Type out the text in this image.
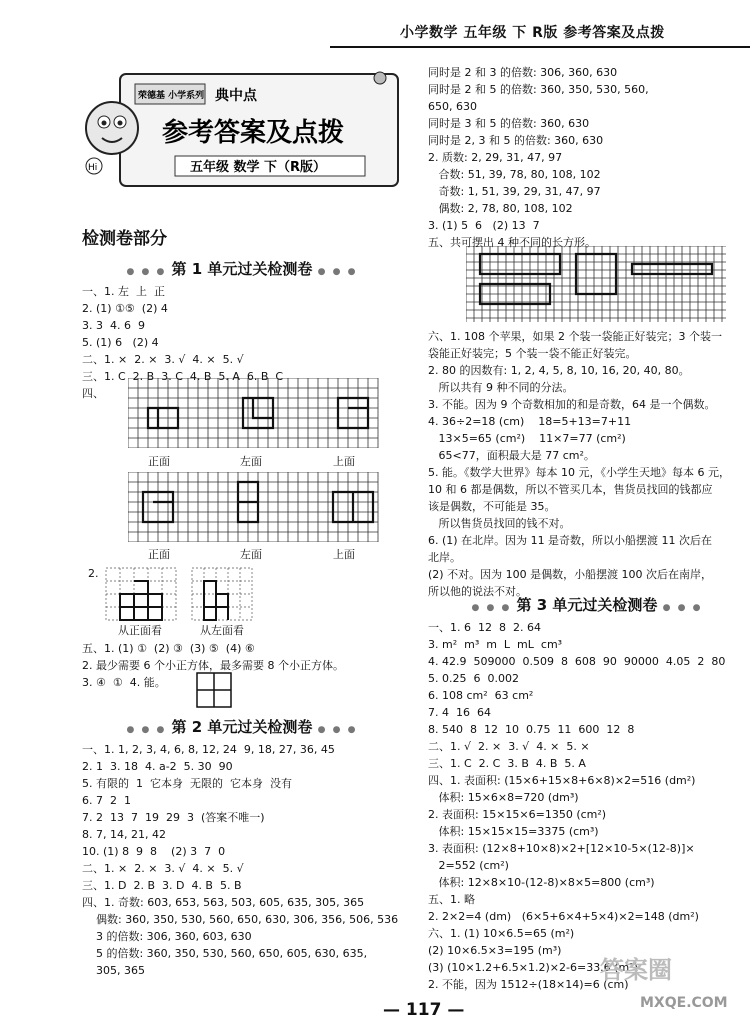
小学数学 五年级 下 R版 参考答案及点拨
荣德基 小学系列 典中点
参考答案及点拨
五年级 数学 下（R版）
Hi
检测卷部分
● ● ● 第 1 单元过关检测卷 ● ● ●
一、1. 左  上  正
2. (1) ①⑤  (2) 4
3. 3  4. 6  9
5. (1) 6   (2) 4
二、1. ×  2. ×  3. √  4. ×  5. √
三、1. C  2. B  3. C  4. B  5. A  6. B  C
四、
正面	左面	上面
正面	左面	上面
2.
从正面看	从左面看
五、1. (1) ①  (2) ③  (3) ⑤  (4) ⑥
2. 最少需要 6 个小正方体，最多需要 8 个小正方体。
3. ④  ①  4. 能。
● ● ● 第 2 单元过关检测卷 ● ● ●
一、1. 1, 2, 3, 4, 6, 8, 12, 24  9, 18, 27, 36, 45
2. 1  3. 18  4. a-2  5. 30  90
5. 有限的  1  它本身  无限的  它本身  没有
6. 7  2  1
7. 2  13  7  19  29  3  (答案不唯一)
8. 7, 14, 21, 42
10. (1) 8  9  8    (2) 3  7  0
二、1. ×  2. ×  3. √  4. ×  5. √
三、1. D  2. B  3. D  4. B  5. B
四、1. 奇数: 603, 653, 563, 503, 605, 635, 305, 365
偶数: 360, 350, 530, 560, 650, 630, 306, 356, 506, 536
3 的倍数: 306, 360, 603, 630
5 的倍数: 360, 350, 530, 560, 650, 605, 630, 635,
305, 365
同时是 2 和 3 的倍数: 306, 360, 630
同时是 2 和 5 的倍数: 360, 350, 530, 560,
650, 630
同时是 3 和 5 的倍数: 360, 630
同时是 2, 3 和 5 的倍数: 360, 630
2. 质数: 2, 29, 31, 47, 97
合数: 51, 39, 78, 80, 108, 102
奇数: 1, 51, 39, 29, 31, 47, 97
偶数: 2, 78, 80, 108, 102
3. (1) 5  6   (2) 13  7
五、共可摆出 4 种不同的长方形。
六、1. 108 个苹果，如果 2 个装一袋能正好装完；3 个装一
袋能正好装完；5 个装一袋不能正好装完。
2. 80 的因数有: 1, 2, 4, 5, 8, 10, 16, 20, 40, 80。
所以共有 9 种不同的分法。
3. 不能。因为 9 个奇数相加的和是奇数，64 是一个偶数。
4. 36÷2=18 (cm)    18=5+13=7+11
13×5=65 (cm²)    11×7=77 (cm²)
65<77，面积最大是 77 cm²。
5. 能。《数学大世界》每本 10 元，《小学生天地》每本 6 元，
10 和 6 都是偶数，所以不管买几本，售货员找回的钱都应
该是偶数，不可能是 35。
所以售货员找回的钱不对。
6. (1) 在北岸。因为 11 是奇数，所以小船摆渡 11 次后在
北岸。
(2) 不对。因为 100 是偶数，小船摆渡 100 次后在南岸，
所以他的说法不对。
● ● ● 第 3 单元过关检测卷 ● ● ●
一、1. 6  12  8  2. 64
3. m²  m³  m  L  mL  cm³
4. 42.9  509000  0.509  8  608  90  90000  4.05  2  80
5. 0.25  6  0.002
6. 108 cm²  63 cm²
7. 4  16  64
8. 540  8  12  10  0.75  11  600  12  8
二、1. √  2. ×  3. √  4. ×  5. ×
三、1. C  2. C  3. B  4. B  5. A
四、1. 表面积: (15×6+15×8+6×8)×2=516 (dm²)
体积: 15×6×8=720 (dm³)
2. 表面积: 15×15×6=1350 (cm²)
体积: 15×15×15=3375 (cm³)
3. 表面积: (12×8+10×8)×2+[12×10-5×(12-8)]×
2=552 (cm²)
体积: 12×8×10-(12-8)×8×5=800 (cm³)
五、1. 略
2. 2×2=4 (dm)   (6×5+6×4+5×4)×2=148 (dm²)
六、1. (1) 10×6.5=65 (m²)
(2) 10×6.5×3=195 (m³)
(3) (10×1.2+6.5×1.2)×2-6=33.6 (m²)
2. 不能，因为 1512÷(18×14)=6 (cm)
— 117 —
答案圈
MXQE.COM
